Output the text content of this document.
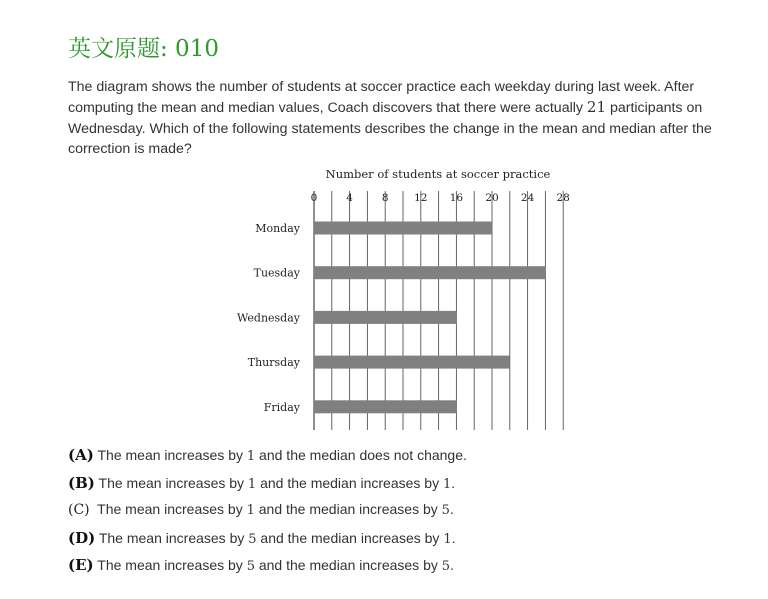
英文原题: 010
The diagram shows the number of students at soccer practice each weekday during last week. After computing the mean and median values, Coach discovers that there were actually 21 participants on Wednesday. Which of the following statements describes the change in the mean and median after the correction is made?
Number of students at soccer practice
0	4	8 12 16 20 24 28
Monday
Tuesday
Wednesday
Thursday
Friday
(A) The mean increases by 1 and the median does not change.
(B) The mean increases by 1 and the median increases by 1.
(C) The mean increases by 1 and the median increases by 5.
(D) The mean increases by 5 and the median increases by 1.
(E) The mean increases by 5 and the median increases by 5.
